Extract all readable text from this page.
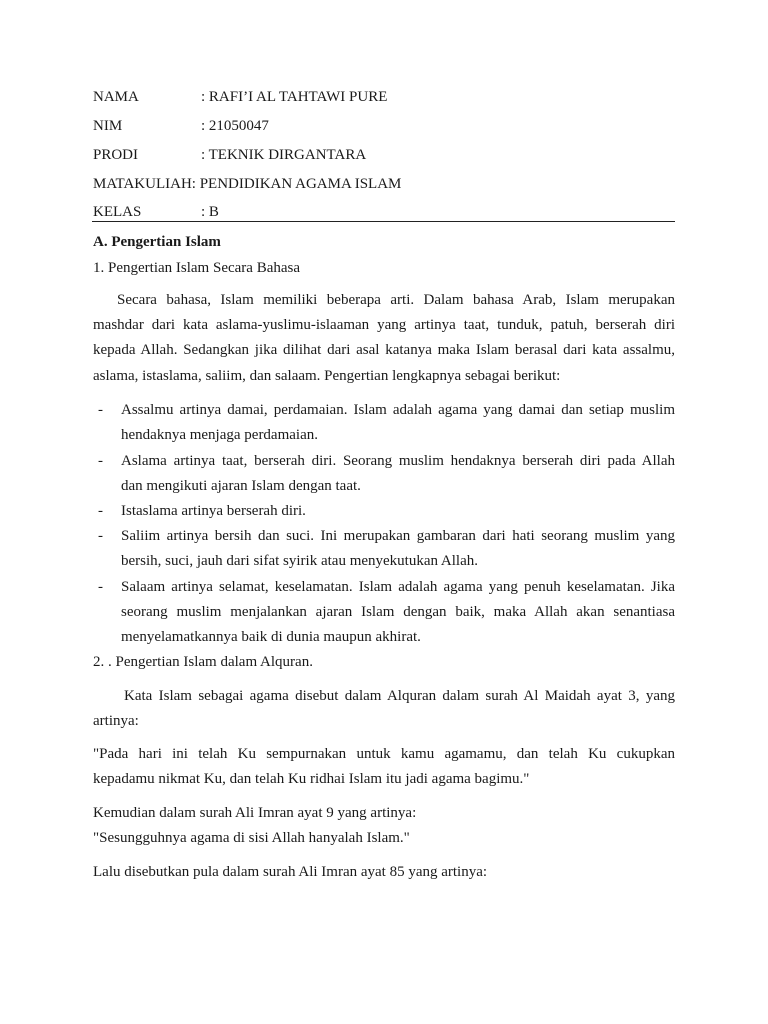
NAMA	: RAFI’I AL TAHTAWI PURE
NIM	: 21050047
PRODI	: TEKNIK DIRGANTARA
MATAKULIAH: PENDIDIKAN AGAMA ISLAM
KELAS	: B
A. Pengertian Islam
1. Pengertian Islam Secara Bahasa
Secara bahasa, Islam memiliki beberapa arti. Dalam bahasa Arab, Islam merupakan
mashdar dari kata aslama-yuslimu-islaaman yang artinya taat, tunduk, patuh, berserah diri
kepada Allah. Sedangkan jika dilihat dari asal katanya maka Islam berasal dari kata assalmu,
aslama, istaslama, saliim, dan salaam. Pengertian lengkapnya sebagai berikut:
- Assalmu artinya damai, perdamaian. Islam adalah agama yang damai dan setiap muslim
hendaknya menjaga perdamaian.
- Aslama artinya taat, berserah diri. Seorang muslim hendaknya berserah diri pada Allah
dan mengikuti ajaran Islam dengan taat.
- Istaslama artinya berserah diri.
- Saliim artinya bersih dan suci. Ini merupakan gambaran dari hati seorang muslim yang
bersih, suci, jauh dari sifat syirik atau menyekutukan Allah.
- Salaam artinya selamat, keselamatan. Islam adalah agama yang penuh keselamatan. Jika
seorang muslim menjalankan ajaran Islam dengan baik, maka Allah akan senantiasa
menyelamatkannya baik di dunia maupun akhirat.
2. . Pengertian Islam dalam Alquran.
Kata Islam sebagai agama disebut dalam Alquran dalam surah Al Maidah ayat 3, yang
artinya:
"Pada hari ini telah Ku sempurnakan untuk kamu agamamu, dan telah Ku cukupkan
kepadamu nikmat Ku, dan telah Ku ridhai Islam itu jadi agama bagimu."
Kemudian dalam surah Ali Imran ayat 9 yang artinya:
"Sesungguhnya agama di sisi Allah hanyalah Islam."
Lalu disebutkan pula dalam surah Ali Imran ayat 85 yang artinya:
